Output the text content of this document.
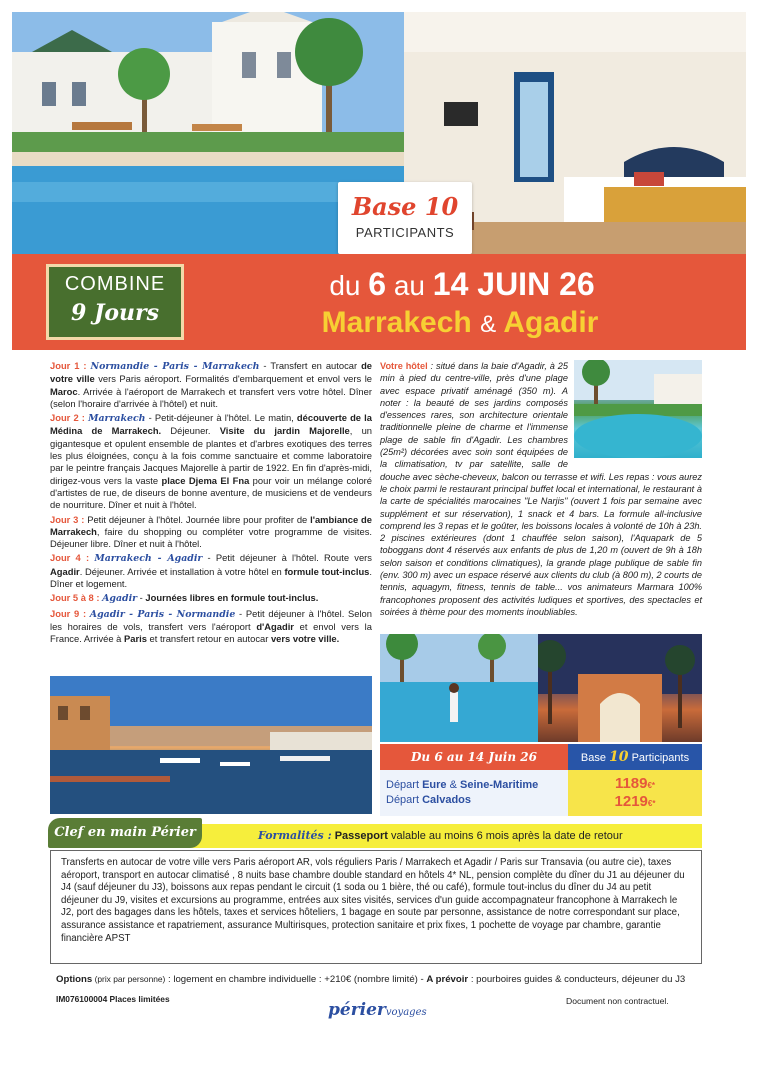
Base 10
PARTICIPANTS
COMBINE
9 Jours
du 6 au 14 JUIN 26
Marrakech & Agadir

Jour 1 : Normandie - Paris - Marrakech - Transfert en autocar de votre ville vers Paris aéroport. Formalités d'embarquement et envol vers le Maroc. Arrivée à l'aéroport de Marrakech et transfert vers votre hôtel. Dîner (selon l'horaire d'arrivée à l'hôtel) et nuit.

Jour 2 : Marrakech - Petit-déjeuner à l'hôtel. Le matin, découverte de la Médina de Marrakech. Déjeuner. Visite du jardin Majorelle, un gigantesque et opulent ensemble de plantes et d'arbres exotiques des terres les plus éloignées, conçu à la fois comme sanctuaire et comme laboratoire par le peintre français Jacques Majorelle à partir de 1922. En fin d'après-midi, dirigez-vous vers la vaste place Djema El Fna pour voir un mélange coloré d'artistes de rue, de diseurs de bonne aventure, de musiciens et de vendeurs de nourriture. Dîner et nuit à l'hôtel.

Jour 3 : Petit déjeuner à l'hôtel. Journée libre pour profiter de l'ambiance de Marrakech, faire du shopping ou compléter votre programme de visites. Déjeuner libre. Dîner et nuit à l'hôtel.

Jour 4 : Marrakech - Agadir - Petit déjeuner à l'hôtel. Route vers Agadir. Déjeuner. Arrivée et installation à votre hôtel en formule tout-inclus. Dîner et logement.

Jour 5 à 8 : Agadir - Journées libres en formule tout-inclus.

Jour 9 : Agadir - Paris - Normandie - Petit déjeuner à l'hôtel. Selon les horaires de vols, transfert vers l'aéroport d'Agadir et envol vers la France. Arrivée à Paris et transfert retour en autocar vers votre ville.

Votre hôtel : situé dans la baie d'Agadir, à 25 min à pied du centre-ville, près d'une plage avec espace privatif aménagé (350 m). A noter : la beauté de ses jardins composés d'essences rares, son architecture orientale traditionnelle pleine de charme et l'immense plage de sable fin d'Agadir. Les chambres (25m²) décorées avec soin sont équipées de la climatisation, tv par satellite, salle de douche avec sèche-cheveux, balcon ou terrasse et wifi. Les repas : vous aurez le choix parmi le restaurant principal buffet local et international, le restaurant à la carte de spécialités marocaines "Le Narjis" (ouvert 1 fois par semaine avec supplément et sur réservation), 1 snack et 4 bars. La formule all-inclusive comprend les 3 repas et le goûter, les boissons locales à volonté de 10h à 23h. 2 piscines extérieures (dont 1 chauffée selon saison), l'Aquapark de 5 toboggans dont 4 réservés aux enfants de plus de 1,20 m (ouvert de 9h à 18h selon saison et conditions climatiques), la grande plage publique de sable fin (env. 300 m) avec un espace réservé aux clients du club (à 800 m), 2 courts de tennis, aquagym, fitness, tennis de table... vos animateurs Marmara 100% francophones proposent des activités ludiques et sportives, des spectacles et soirées à thème pour des moments inoubliables.
Du 6 au 14 Juin 26	Base 10 Participants
Départ Eure & Seine-Maritime
Départ Calvados
1189€*
1219€*
Clef en main Périer	Formalités : Passeport valable au moins 6 mois après la date de retour
Transferts en autocar de votre ville vers Paris aéroport AR, vols réguliers Paris / Marrakech et Agadir / Paris sur Transavia (ou autre cie), taxes aéroport, transport en autocar climatisé , 8 nuits base chambre double standard en hôtels 4* NL, pension complète du dîner du J1 au déjeuner du J4 (sauf déjeuner du J3), boissons aux repas pendant le circuit (1 soda ou 1 bière, thé ou café), formule tout-inclus du dîner du J4 au petit déjeuner du J9, visites et excursions au programme, entrées aux sites visités, services d'un guide accompagnateur francophone à Marrakech le J2, port des bagages dans les hôtels, taxes et services hôteliers, 1 bagage en soute par personne, assistance de notre correspondant sur place, assurance assistance et rapatriement, assurance Multirisques, protection sanitaire et prix fixes, 1 pochette de voyage par chambre, garantie financière APST
Options (prix par personne) : logement en chambre individuelle : +210€ (nombre limité) - A prévoir : pourboires guides & conducteurs, déjeuner du J3
IM076100004 Places limitées
périervoyages
Document non contractuel.
